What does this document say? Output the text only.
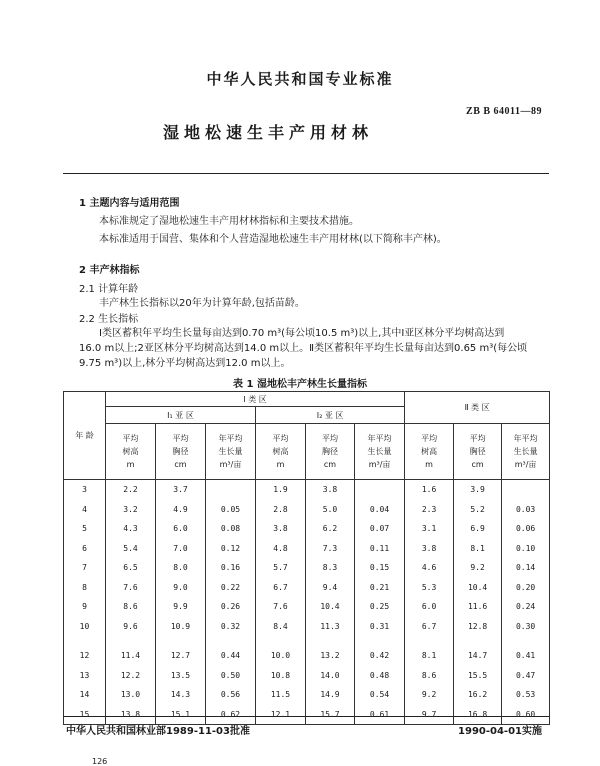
中华人民共和国专业标准
ZB B 64011—89
湿地松速生丰产用材林
1 主题内容与适用范围
本标准规定了湿地松速生丰产用材林指标和主要技术措施。
本标准适用于国营、集体和个人营造湿地松速生丰产用材林(以下简称丰产林)。
2 丰产林指标
2.1 计算年龄
丰产林生长指标以20年为计算年龄,包括苗龄。
2.2 生长指标
Ⅰ类区蓄积年平均生长量每亩达到0.70 m³(每公顷10.5 m³)以上,其中Ⅰ亚区林分平均树高达到
16.0 m以上;2亚区林分平均树高达到14.0 m以上。Ⅱ类区蓄积年平均生长量每亩达到0.65 m³(每公顷
9.75 m³)以上,林分平均树高达到12.0 m以上。
表 1 湿地松丰产林生长量指标
年 龄	Ⅰ 类 区						Ⅱ 类 区		
	Ⅰ₁ 亚 区			Ⅰ₂ 亚 区					
	平均
树高
m	平均
胸径
cm	年平均
生长量
m³/亩	平均
树高
m	平均
胸径
cm	年平均
生长量
m³/亩	平均
树高
m	平均
胸径
cm	年平均
生长量
m³/亩
3	2.2	3.7		1.9	3.8		1.6	3.9	
4	3.2	4.9	0.05	2.8	5.0	0.04	2.3	5.2	0.03
5	4.3	6.0	0.08	3.8	6.2	0.07	3.1	6.9	0.06
6	5.4	7.0	0.12	4.8	7.3	0.11	3.8	8.1	0.10
7	6.5	8.0	0.16	5.7	8.3	0.15	4.6	9.2	0.14
8	7.6	9.0	0.22	6.7	9.4	0.21	5.3	10.4	0.20
9	8.6	9.9	0.26	7.6	10.4	0.25	6.0	11.6	0.24
10	9.6	10.9	0.32	8.4	11.3	0.31	6.7	12.8	0.30

12	11.4	12.7	0.44	10.0	13.2	0.42	8.1	14.7	0.41
13	12.2	13.5	0.50	10.8	14.0	0.48	8.6	15.5	0.47
14	13.0	14.3	0.56	11.5	14.9	0.54	9.2	16.2	0.53
15	13.8	15.1	0.62	12.1	15.7	0.61	9.7	16.8	0.60
中华人民共和国林业部1989-11-03批准	1990-04-01实施
126
